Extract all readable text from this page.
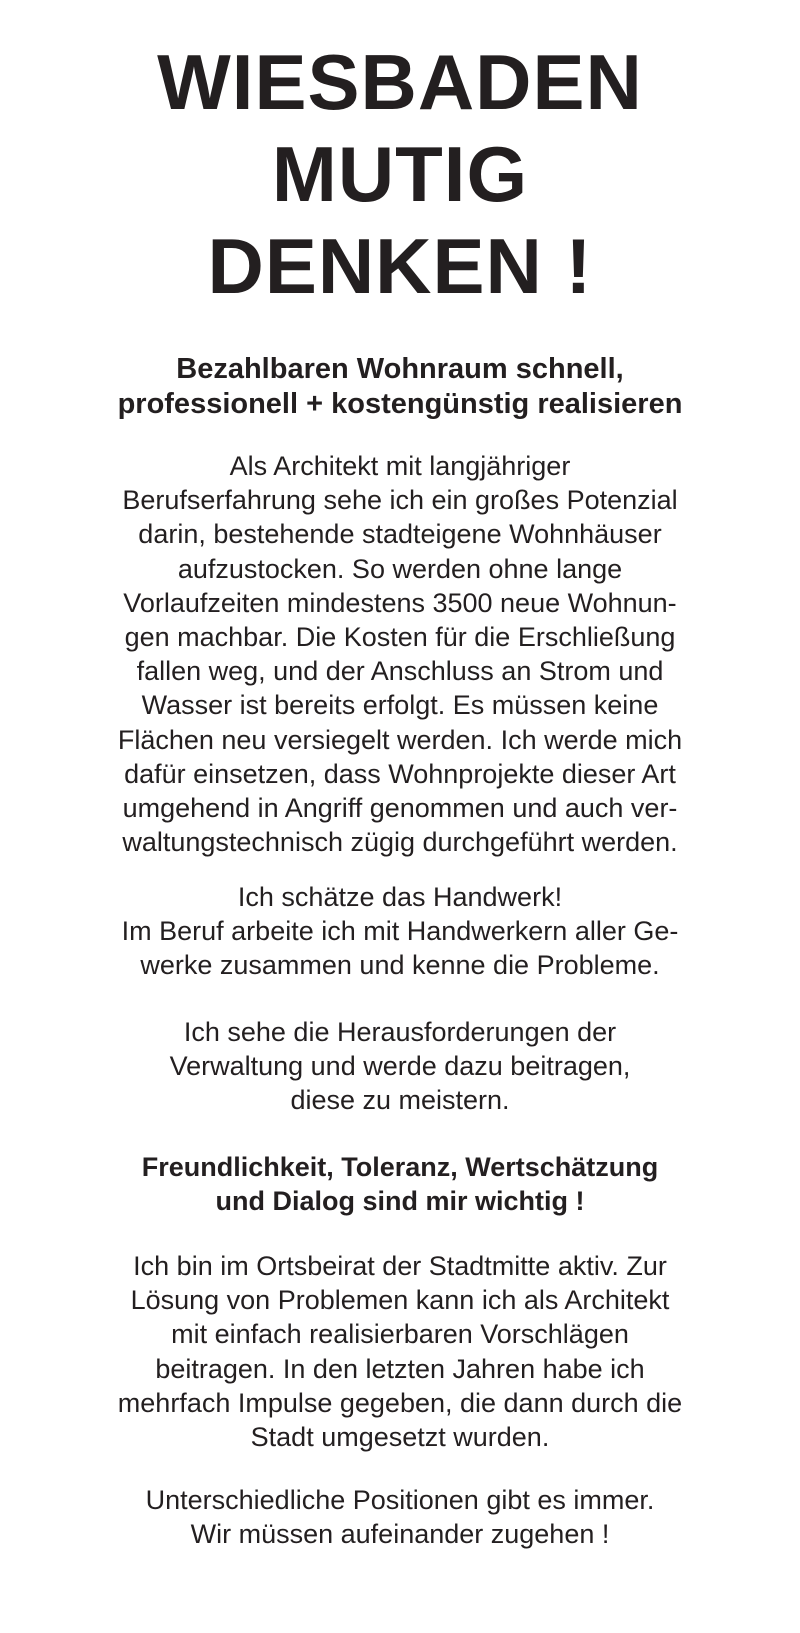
WIESBADEN
MUTIG
DENKEN !
Bezahlbaren Wohnraum schnell,
professionell + kostengünstig realisieren

Als Architekt mit langjähriger
Berufserfahrung sehe ich ein großes Potenzial
darin, bestehende stadteigene Wohnhäuser
aufzustocken. So werden ohne lange
Vorlaufzeiten mindestens 3500 neue Wohnun-
gen machbar. Die Kosten für die Erschließung
fallen weg, und der Anschluss an Strom und
Wasser ist bereits erfolgt. Es müssen keine
Flächen neu versiegelt werden. Ich werde mich
dafür einsetzen, dass Wohnprojekte dieser Art
umgehend in Angriff genommen und auch ver-
waltungstechnisch zügig durchgeführt werden.

Ich schätze das Handwerk!
Im Beruf arbeite ich mit Handwerkern aller Ge-
werke zusammen und kenne die Probleme.

Ich sehe die Herausforderungen der
Verwaltung und werde dazu beitragen,
diese zu meistern.

Freundlichkeit, Toleranz, Wertschätzung
und Dialog sind mir wichtig !

Ich bin im Ortsbeirat der Stadtmitte aktiv. Zur
Lösung von Problemen kann ich als Architekt
mit einfach realisierbaren Vorschlägen
beitragen. In den letzten Jahren habe ich
mehrfach Impulse gegeben, die dann durch die
Stadt umgesetzt wurden.

Unterschiedliche Positionen gibt es immer.
Wir müssen aufeinander zugehen !
